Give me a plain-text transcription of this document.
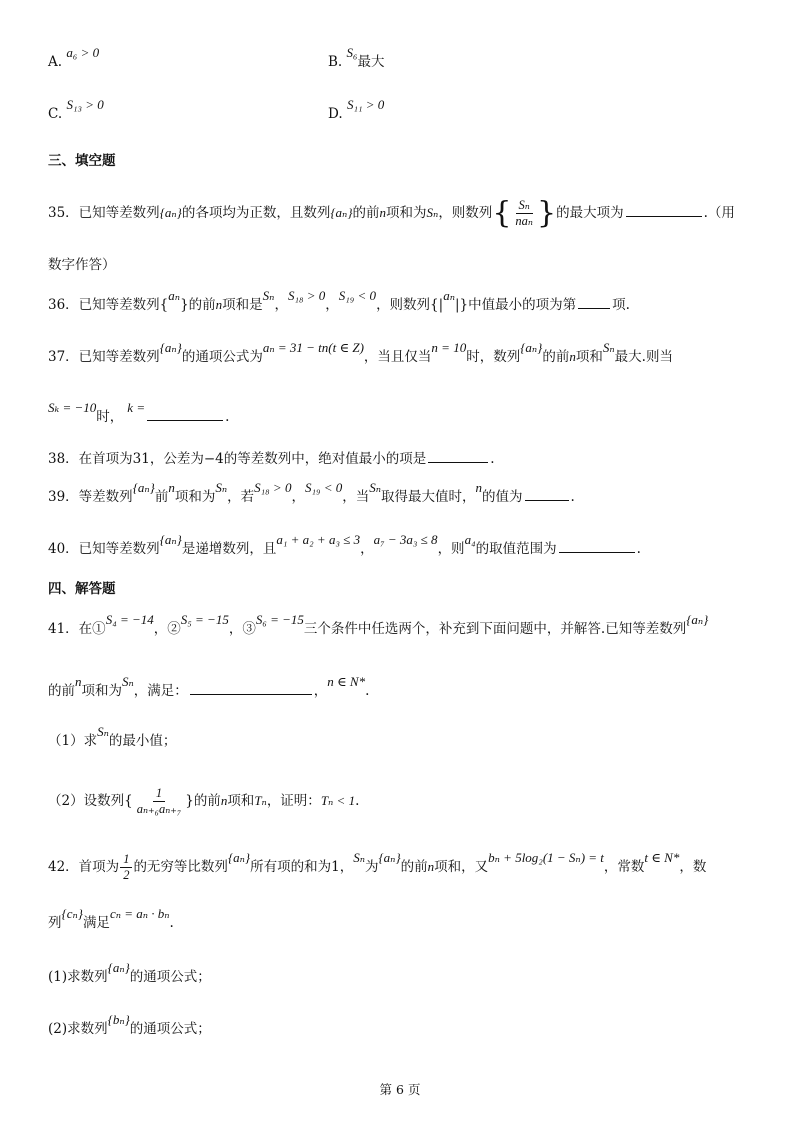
A. a₆ > 0
B. S₆最大
C. S₁₃ > 0
D. S₁₁ > 0
三、填空题
35．已知等差数列{aₙ}的各项均为正数，且数列{aₙ}的前n项和为Sₙ，则数列{ $\frac{\text{Sₙ}}{\text{naₙ}}$ }的最大项为	.（用
数字作答）
36．已知等差数列{aₙ}的前n项和是Sₙ，S₁₈ > 0，S₁₉ < 0，则数列{|aₙ|}中值最小的项为第	项.
37．已知等差数列{aₙ}的通项公式为aₙ = 31 − tn(t ∈ Z)，当且仅当n = 10时，数列{aₙ}的前n项和Sₙ最大.则当
Sₖ = −10时，k =.
38．在首项为31，公差为−4的等差数列中，绝对值最小的项是	.
39．等差数列{aₙ}前n项和为Sₙ，若S₁₈ > 0，S₁₉ < 0，当Sₙ取得最大值时，n的值为	.
40．已知等差数列{aₙ}是递增数列，且a₁ + a₂ + a₃ ≤ 3，a₇ − 3a₃ ≤ 8，则a₄的取值范围为	.
四、解答题
41．在①S₄ = −14，②S₅ = −15，③S₆ = −15三个条件中任选两个，补充到下面问题中，并解答.已知等差数列{aₙ}
的前n项和为Sₙ，满足：	，n ∈ N*.
（1）求Sₙ的最小值；
（2）设数列{ $\frac{1}{\text{aₙ₊₆aₙ₊₇}}$ }的前n项和Tₙ，证明：Tₙ < 1.
42．首项为 $\frac{1}{2}$ 的无穷等比数列{aₙ}所有项的和为1，Sₙ为{aₙ}的前n项和，又bₙ + 5log₂(1 − Sₙ) = t，常数t ∈ N*，数
列{cₙ}满足cₙ = aₙ · bₙ.
(1)求数列{aₙ}的通项公式；
(2)求数列{bₙ}的通项公式；
第 6 页
